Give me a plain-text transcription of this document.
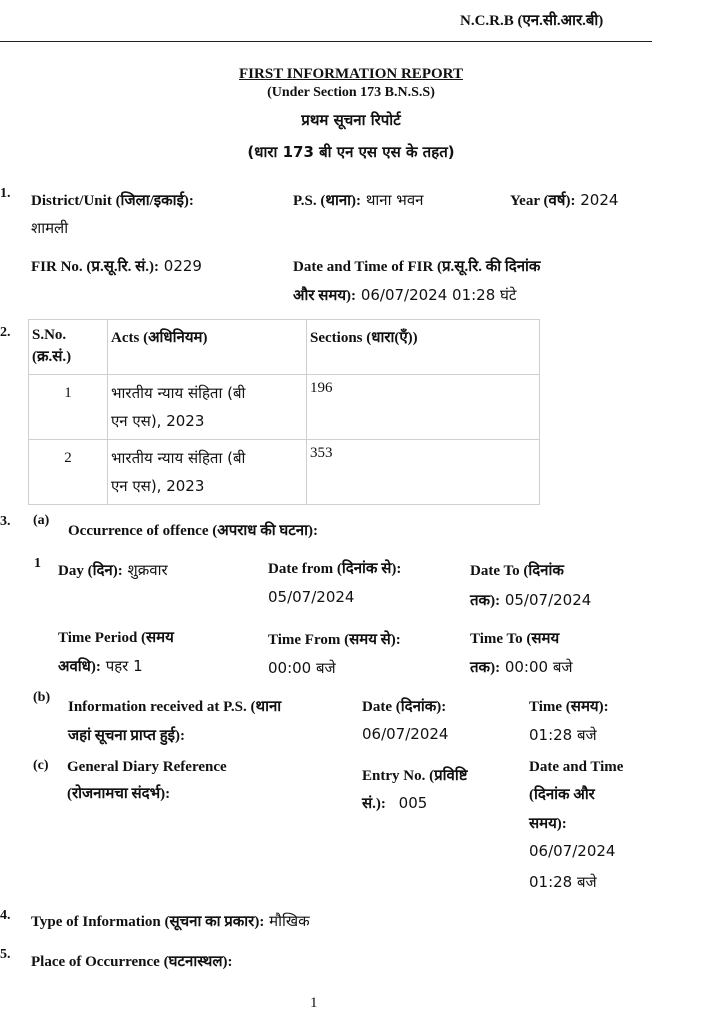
N.C.R.B (एन.सी.आर.बी)
FIRST INFORMATION REPORT
(Under Section 173 B.N.S.S)
प्रथम सूचना रिपोर्ट
(धारा 173 बी एन एस एस के तहत)
1. District/Unit (जिला/इकाई):
शामली
P.S. (थाना): थाना भवन	Year (वर्ष): 2024
FIR No. (प्र.सू.रि. सं.): 0229	Date and Time of FIR (प्र.सू.रि. की दिनांक
और समय): 06/07/2024 01:28 घंटे
2. S.No.
(क्र.सं.)	Acts (अधिनियम)	Sections (धारा(एँ))
1	भारतीय न्याय संहिता (बी
एन एस), 2023	196
2	भारतीय न्याय संहिता (बी
एन एस), 2023	353
3. (a)
Occurrence of offence (अपराध की घटना):
1 Day (दिन): शुक्रवार	Date from (दिनांक से):
05/07/2024
Date To (दिनांक
तक): 05/07/2024
Time Period (समय
अवधि): पहर 1
Time From (समय से):
00:00 बजे
Time To (समय
तक): 00:00 बजे
(b)
Information received at P.S. (थाना
जहां सूचना प्राप्त हुई):
Date (दिनांक):
06/07/2024
Time (समय):
01:28 बजे
(c) General Diary Reference
(रोजनामचा संदर्भ):
Entry No. (प्रविष्टि
सं.): 005
Date and Time
(दिनांक और
समय):
06/07/2024
01:28 बजे
4. Type of Information (सूचना का प्रकार): मौखिक
5. Place of Occurrence (घटनास्थल):
1
